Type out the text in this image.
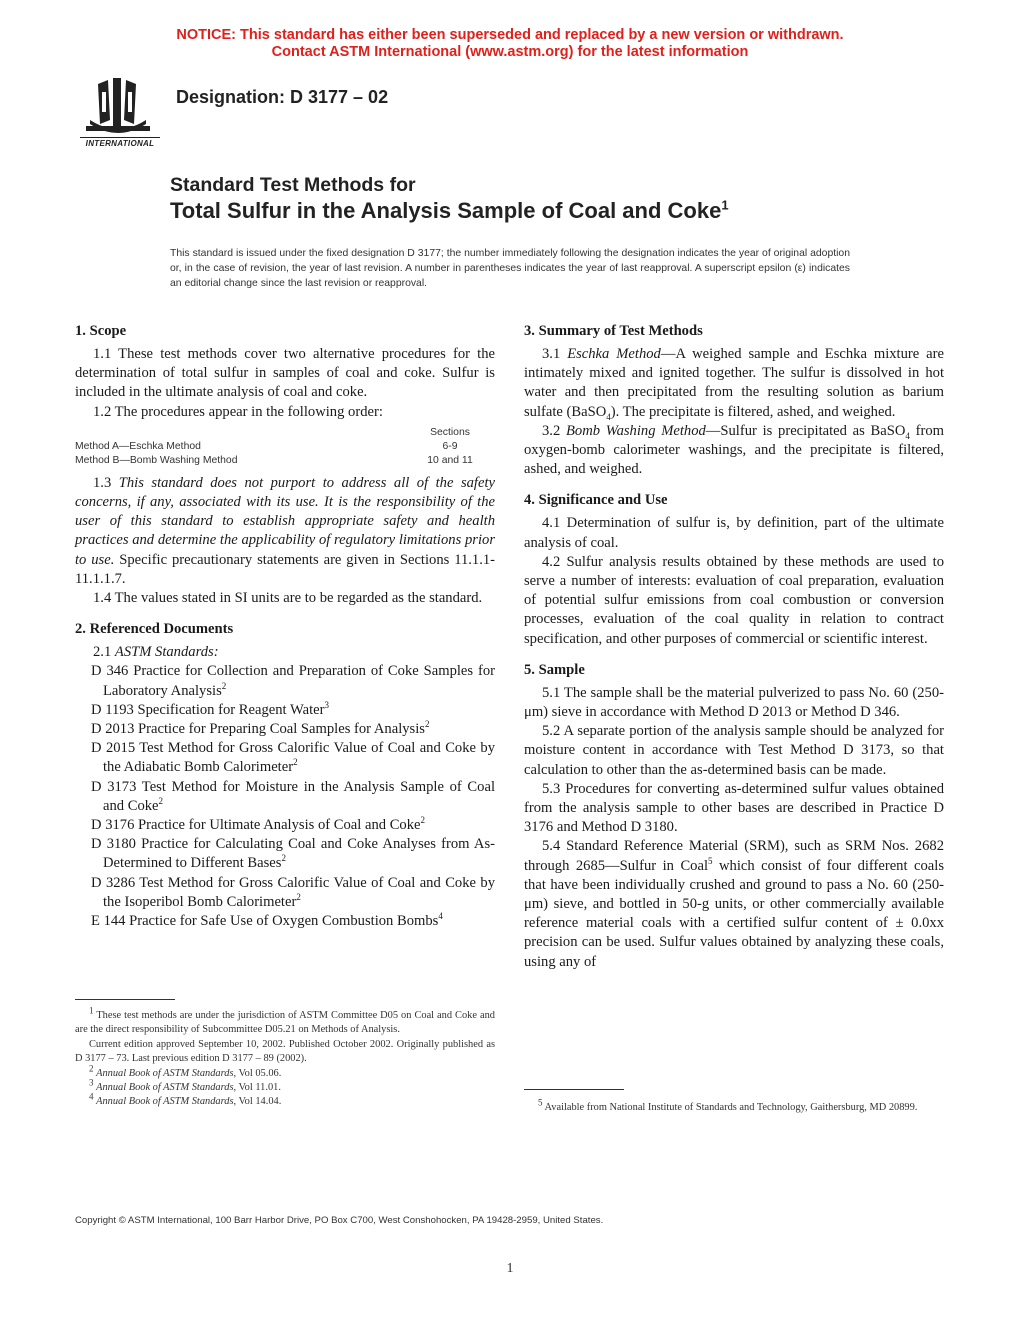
NOTICE: This standard has either been superseded and replaced by a new version or withdrawn.
Contact ASTM International (www.astm.org) for the latest information
INTERNATIONAL
Designation: D 3177 – 02
Standard Test Methods for
Total Sulfur in the Analysis Sample of Coal and Coke$^1$
This standard is issued under the fixed designation D 3177; the number immediately following the designation indicates the year of original adoption or, in the case of revision, the year of last revision. A number in parentheses indicates the year of last reapproval. A superscript epsilon (ε) indicates an editorial change since the last revision or reapproval.
1. Scope

1.1 These test methods cover two alternative procedures for the determination of total sulfur in samples of coal and coke. Sulfur is included in the ultimate analysis of coal and coke.

1.2 The procedures appear in the following order:

	Sections
Method A—Eschka Method	6-9
Method B—Bomb Washing Method	10 and 11

1.3 This standard does not purport to address all of the safety concerns, if any, associated with its use. It is the responsibility of the user of this standard to establish appropriate safety and health practices and determine the applicability of regulatory limitations prior to use. Specific precautionary statements are given in Sections 11.1.1-11.1.1.7.

1.4 The values stated in SI units are to be regarded as the standard.

2. Referenced Documents

2.1 ASTM Standards:

D 346 Practice for Collection and Preparation of Coke Samples for Laboratory Analysis$^2$

D 1193 Specification for Reagent Water$^3$

D 2013 Practice for Preparing Coal Samples for Analysis$^2$

D 2015 Test Method for Gross Calorific Value of Coal and Coke by the Adiabatic Bomb Calorimeter$^2$

D 3173 Test Method for Moisture in the Analysis Sample of Coal and Coke$^2$

D 3176 Practice for Ultimate Analysis of Coal and Coke$^2$

D 3180 Practice for Calculating Coal and Coke Analyses from As-Determined to Different Bases$^2$

D 3286 Test Method for Gross Calorific Value of Coal and Coke by the Isoperibol Bomb Calorimeter$^2$

E 144 Practice for Safe Use of Oxygen Combustion Bombs$^4$

3. Summary of Test Methods

3.1 Eschka Method—A weighed sample and Eschka mixture are intimately mixed and ignited together. The sulfur is dissolved in hot water and then precipitated from the resulting solution as barium sulfate (BaSO$_4$). The precipitate is filtered, ashed, and weighed.

3.2 Bomb Washing Method—Sulfur is precipitated as BaSO$_4$ from oxygen-bomb calorimeter washings, and the precipitate is filtered, ashed, and weighed.

4. Significance and Use

4.1 Determination of sulfur is, by definition, part of the ultimate analysis of coal.

4.2 Sulfur analysis results obtained by these methods are used to serve a number of interests: evaluation of coal preparation, evaluation of potential sulfur emissions from coal combustion or conversion processes, evaluation of the coal quality in relation to contract specification, and other purposes of commercial or scientific interest.

5. Sample

5.1 The sample shall be the material pulverized to pass No. 60 (250-μm) sieve in accordance with Method D 2013 or Method D 346.

5.2 A separate portion of the analysis sample should be analyzed for moisture content in accordance with Test Method D 3173, so that calculation to other than the as-determined basis can be made.

5.3 Procedures for converting as-determined sulfur values obtained from the analysis sample to other bases are described in Practice D 3176 and Method D 3180.

5.4 Standard Reference Material (SRM), such as SRM Nos. 2682 through 2685—Sulfur in Coal$^5$ which consist of four different coals that have been individually crushed and ground to pass a No. 60 (250-μm) sieve, and bottled in 50-g units, or other commercially available reference material coals with a certified sulfur content of ± 0.0xx precision can be used. Sulfur values obtained by analyzing these coals, using any of

$^1$ These test methods are under the jurisdiction of ASTM Committee D05 on Coal and Coke and are the direct responsibility of Subcommittee D05.21 on Methods of Analysis.

Current edition approved September 10, 2002. Published October 2002. Originally published as D 3177 – 73. Last previous edition D 3177 – 89 (2002).

$^2$ Annual Book of ASTM Standards, Vol 05.06.

$^3$ Annual Book of ASTM Standards, Vol 11.01.

$^4$ Annual Book of ASTM Standards, Vol 14.04.	$^5$ Available from National Institute of Standards and Technology, Gaithersburg, MD 20899.

Copyright © ASTM International, 100 Barr Harbor Drive, PO Box C700, West Conshohocken, PA 19428-2959, United States.
1
